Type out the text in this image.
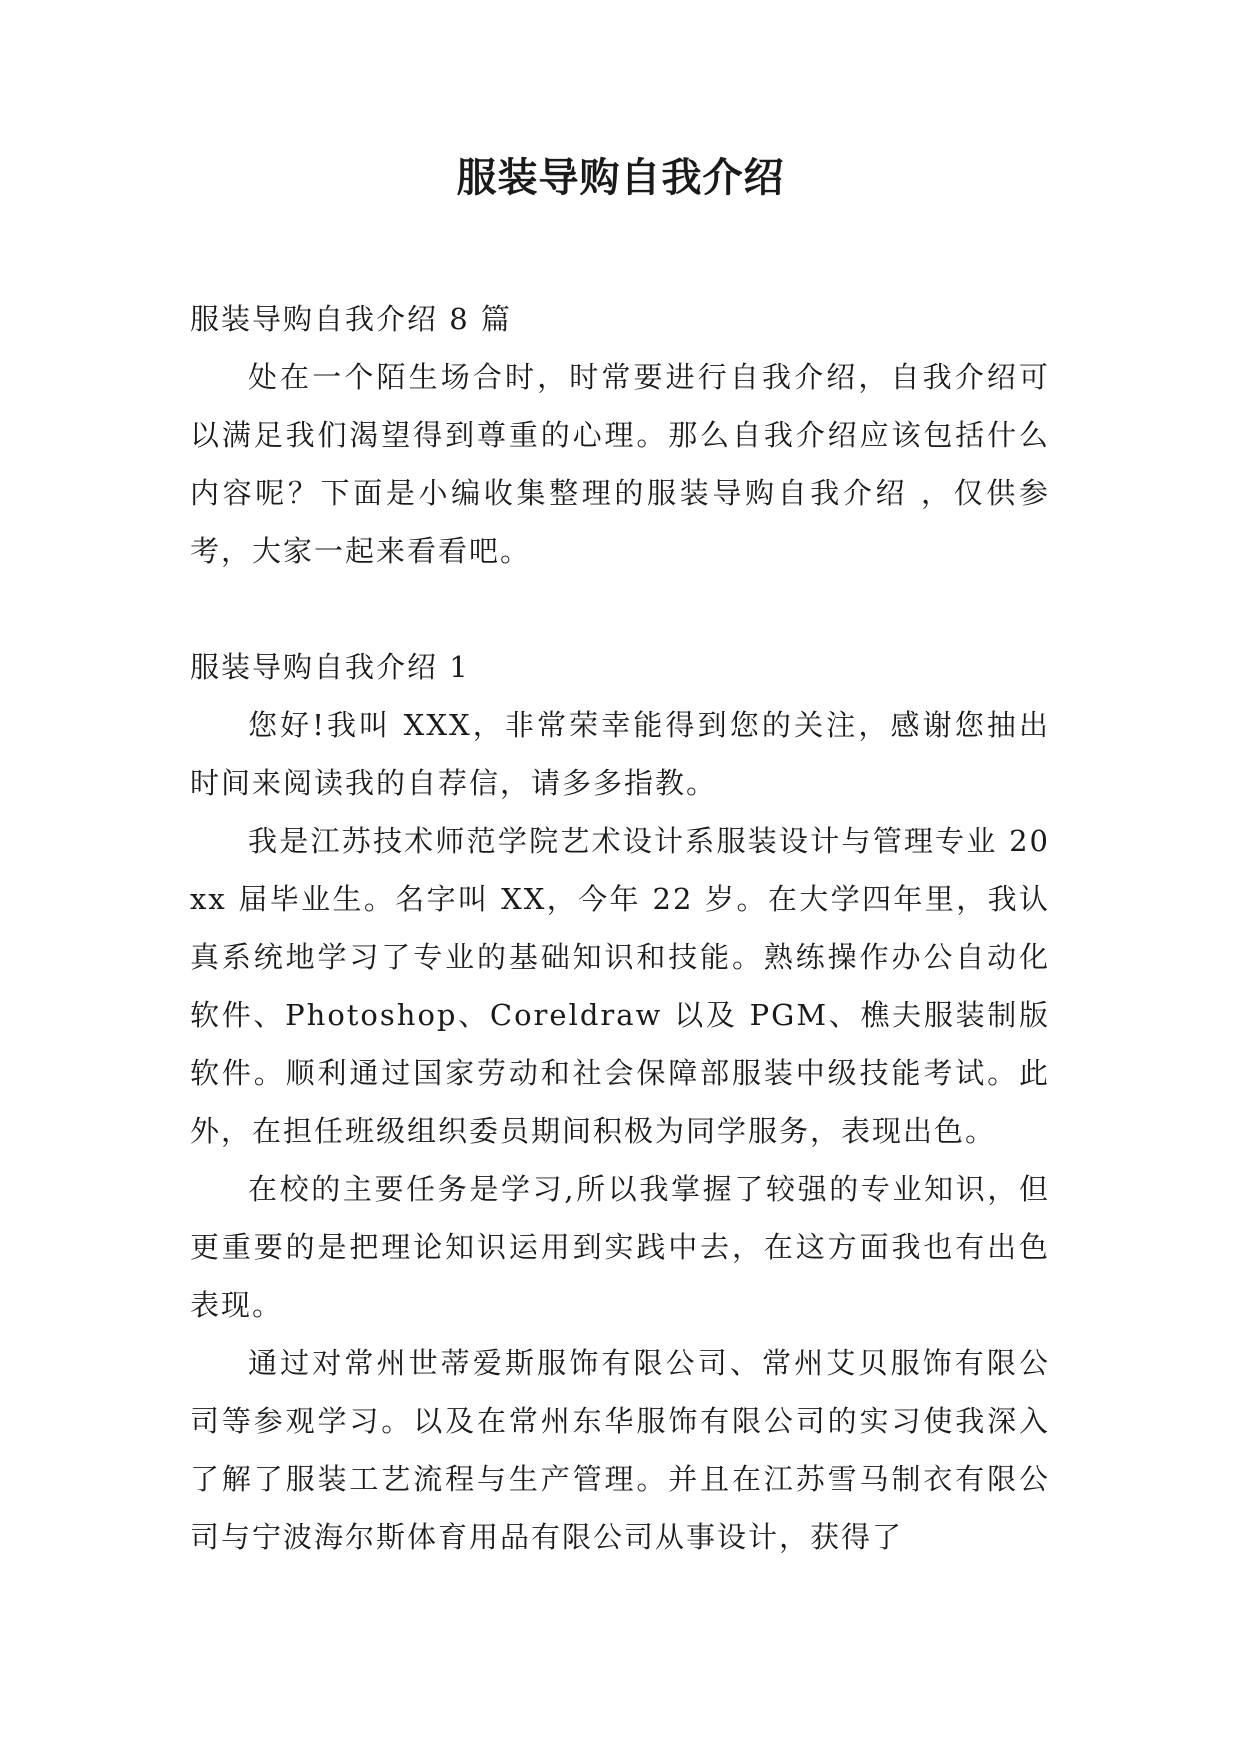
服装导购自我介绍

服装导购自我介绍 8 篇

处在一个陌生场合时，时常要进行自我介绍，自我介绍可以满足我们渴望得到尊重的心理。那么自我介绍应该包括什么内容呢？下面是小编收集整理的服装导购自我介绍 ，仅供参考，大家一起来看看吧。

服装导购自我介绍 1

您好!我叫 XXX，非常荣幸能得到您的关注，感谢您抽出时间来阅读我的自荐信，请多多指教。

我是江苏技术师范学院艺术设计系服装设计与管理专业 20xx 届毕业生。名字叫 XX，今年 22 岁。在大学四年里，我认真系统地学习了专业的基础知识和技能。熟练操作办公自动化软件、Photoshop、Coreldraw 以及 PGM、樵夫服装制版软件。顺利通过国家劳动和社会保障部服装中级技能考试。此外，在担任班级组织委员期间积极为同学服务，表现出色。

在校的主要任务是学习,所以我掌握了较强的专业知识，但更重要的是把理论知识运用到实践中去，在这方面我也有出色表现。

通过对常州世蒂爱斯服饰有限公司、常州艾贝服饰有限公司等参观学习。以及在常州东华服饰有限公司的实习使我深入了解了服装工艺流程与生产管理。并且在江苏雪马制衣有限公司与宁波海尔斯体育用品有限公司从事设计，获得了
